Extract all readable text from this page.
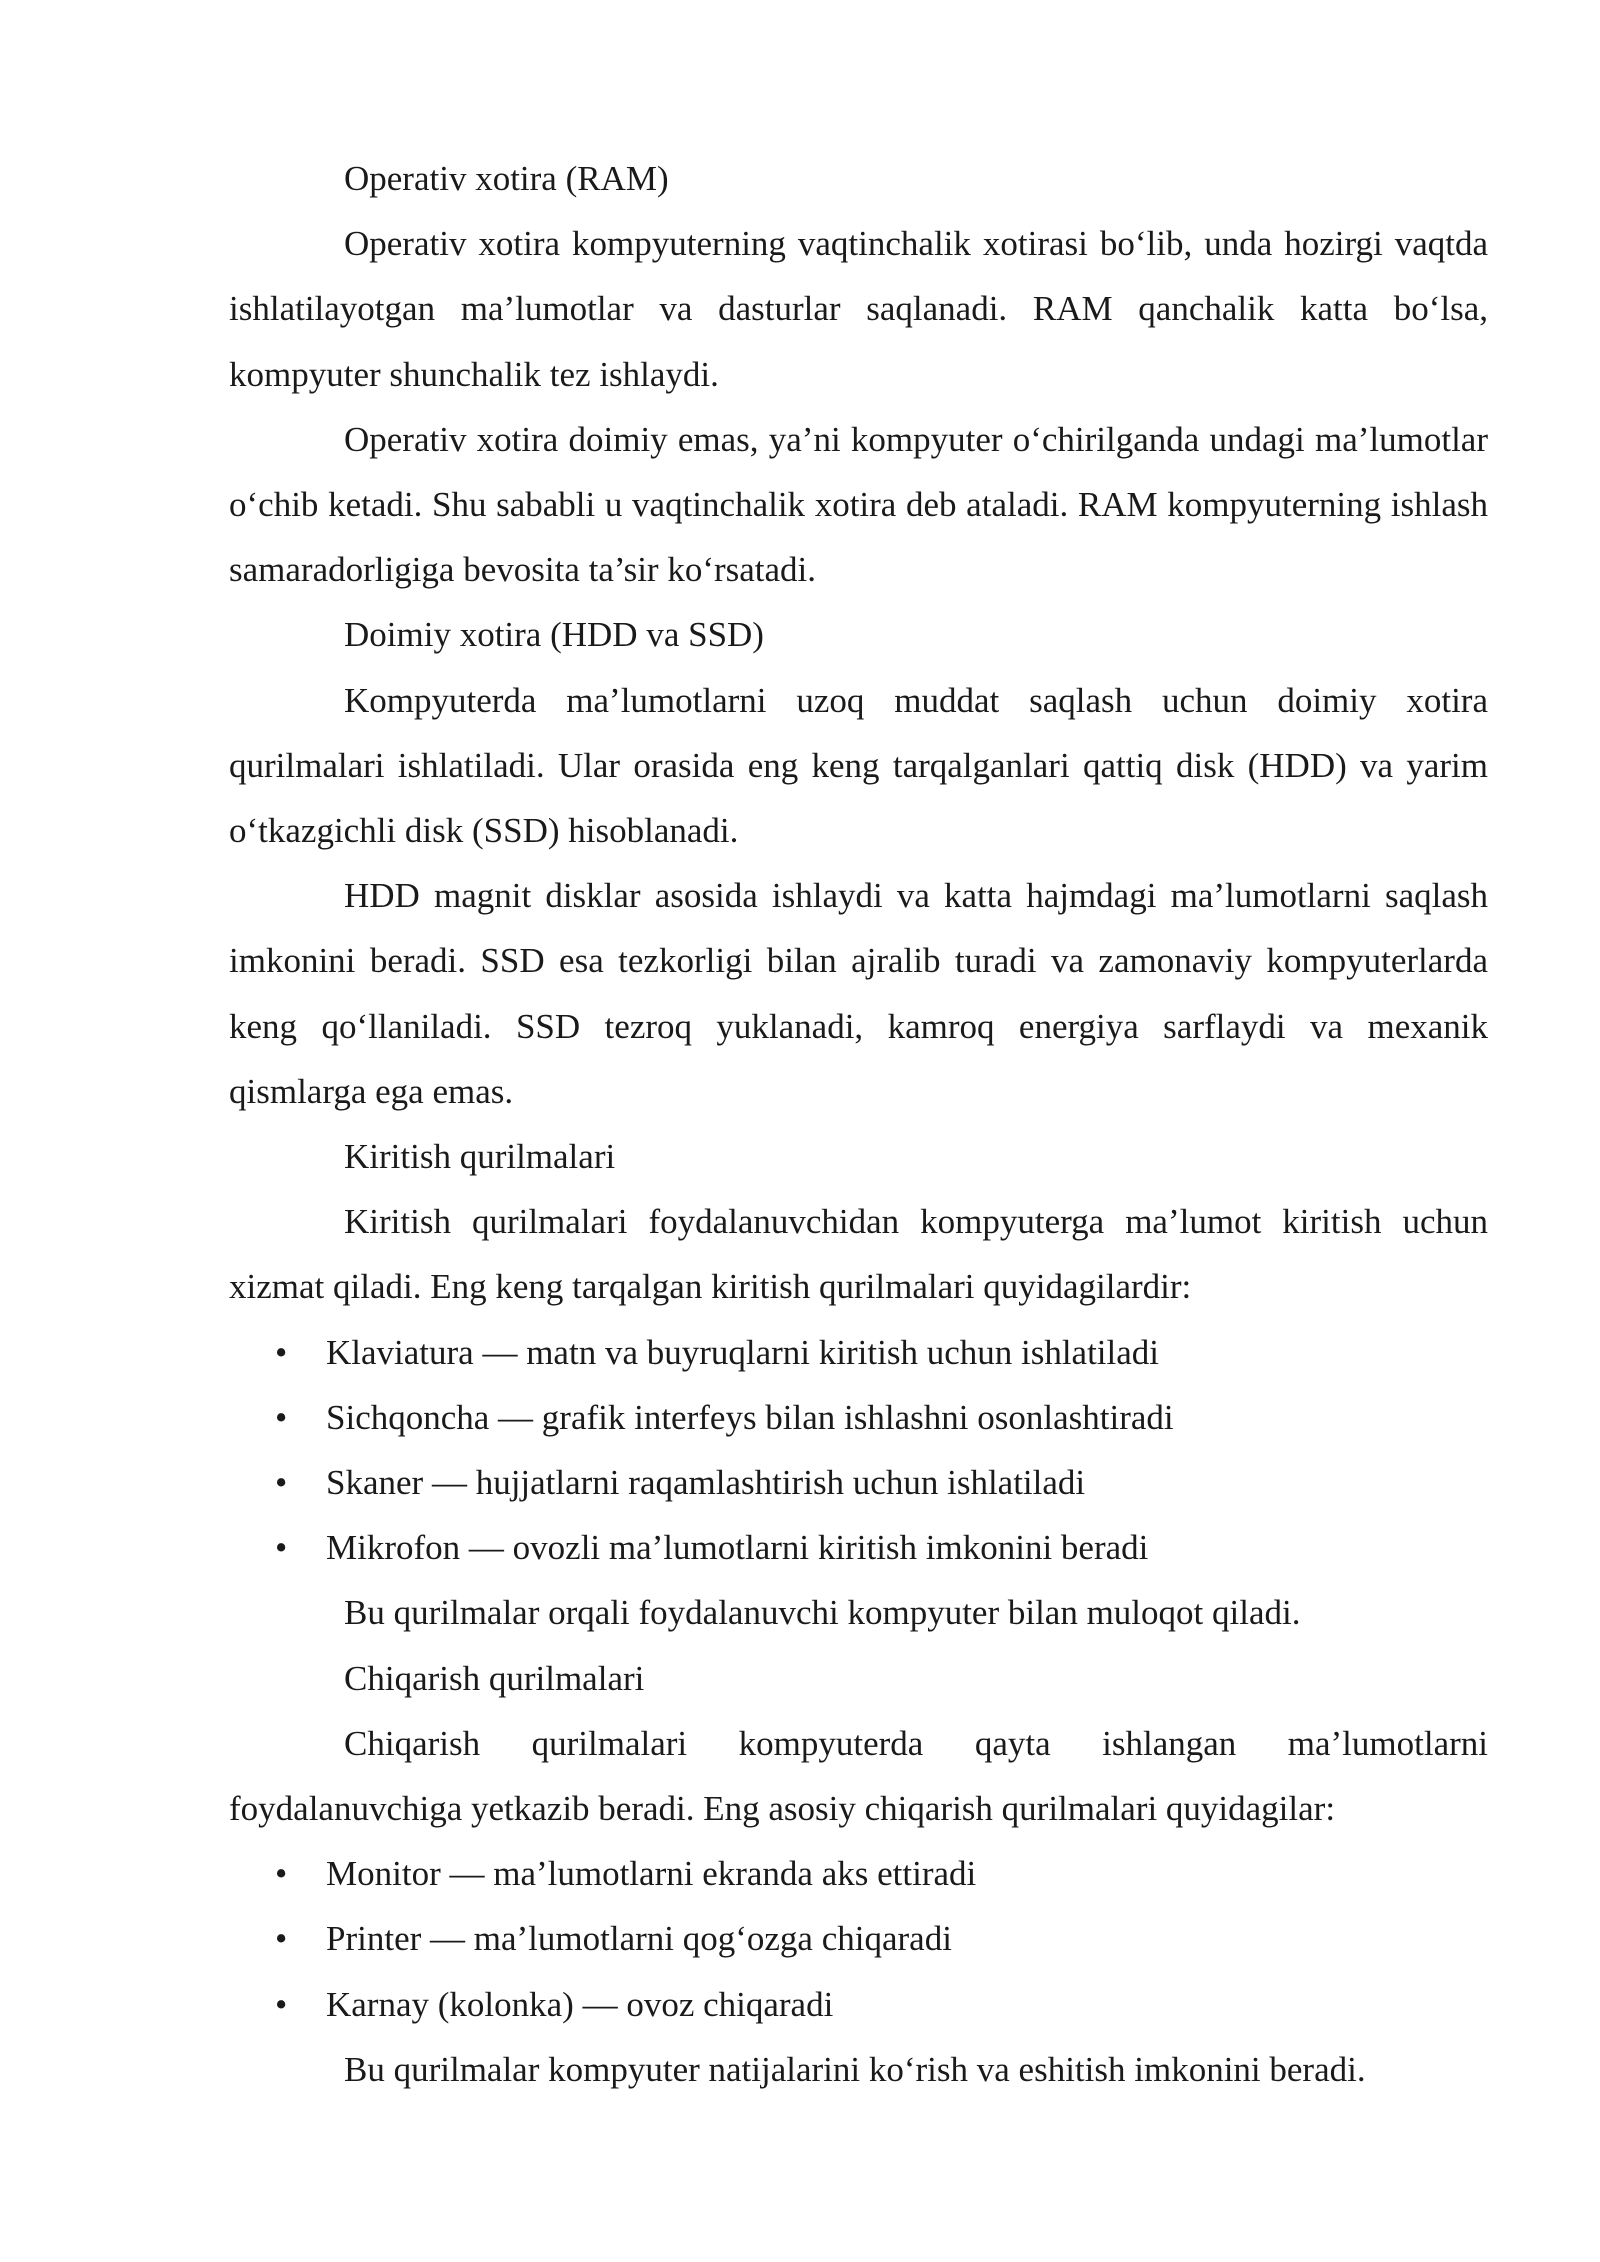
Operativ xotira (RAM)

Operativ xotira kompyuterning vaqtinchalik xotirasi bo‘lib, unda hozirgi vaqtda ishlatilayotgan ma’lumotlar va dasturlar saqlanadi. RAM qanchalik katta bo‘lsa, kompyuter shunchalik tez ishlaydi.

Operativ xotira doimiy emas, ya’ni kompyuter o‘chirilganda undagi ma’lumotlar o‘chib ketadi. Shu sababli u vaqtinchalik xotira deb ataladi. RAM kompyuterning ishlash samaradorligiga bevosita ta’sir ko‘rsatadi.

Doimiy xotira (HDD va SSD)

Kompyuterda ma’lumotlarni uzoq muddat saqlash uchun doimiy xotira qurilmalari ishlatiladi. Ular orasida eng keng tarqalganlari qattiq disk (HDD) va yarim o‘tkazgichli disk (SSD) hisoblanadi.

HDD magnit disklar asosida ishlaydi va katta hajmdagi ma’lumotlarni saqlash imkonini beradi. SSD esa tezkorligi bilan ajralib turadi va zamonaviy kompyuterlarda keng qo‘llaniladi. SSD tezroq yuklanadi, kamroq energiya sarflaydi va mexanik qismlarga ega emas.

Kiritish qurilmalari

Kiritish qurilmalari foydalanuvchidan kompyuterga ma’lumot kiritish uchun xizmat qiladi. Eng keng tarqalgan kiritish qurilmalari quyidagilardir:

• Klaviatura — matn va buyruqlarni kiritish uchun ishlatiladi
• Sichqoncha — grafik interfeys bilan ishlashni osonlashtiradi
• Skaner — hujjatlarni raqamlashtirish uchun ishlatiladi
• Mikrofon — ovozli ma’lumotlarni kiritish imkonini beradi

Bu qurilmalar orqali foydalanuvchi kompyuter bilan muloqot qiladi.

Chiqarish qurilmalari

Chiqarish qurilmalari kompyuterda qayta ishlangan ma’lumotlarni foydalanuvchiga yetkazib beradi. Eng asosiy chiqarish qurilmalari quyidagilar:

• Monitor — ma’lumotlarni ekranda aks ettiradi
• Printer — ma’lumotlarni qog‘ozga chiqaradi
• Karnay (kolonka) — ovoz chiqaradi

Bu qurilmalar kompyuter natijalarini ko‘rish va eshitish imkonini beradi.
